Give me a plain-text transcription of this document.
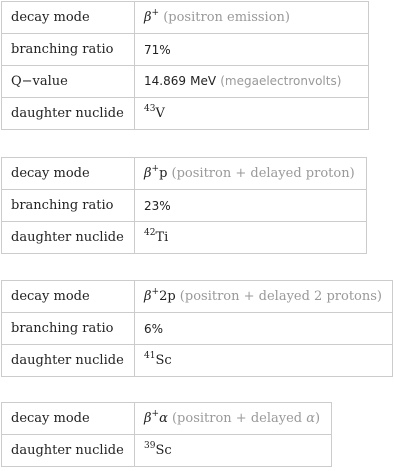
decay mode	β+ (positron emission)
branching ratio	71%
Q−value	14.869 MeV (megaelectronvolts)
daughter nuclide	$^{43}$V
decay mode	β+p (positron + delayed proton)
branching ratio	23%
daughter nuclide	$^{42}$Ti
decay mode	β+2p (positron + delayed 2 protons)
branching ratio	6%
daughter nuclide	$^{41}$Sc
decay mode	β+α (positron + delayed α)
daughter nuclide	$^{39}$Sc
